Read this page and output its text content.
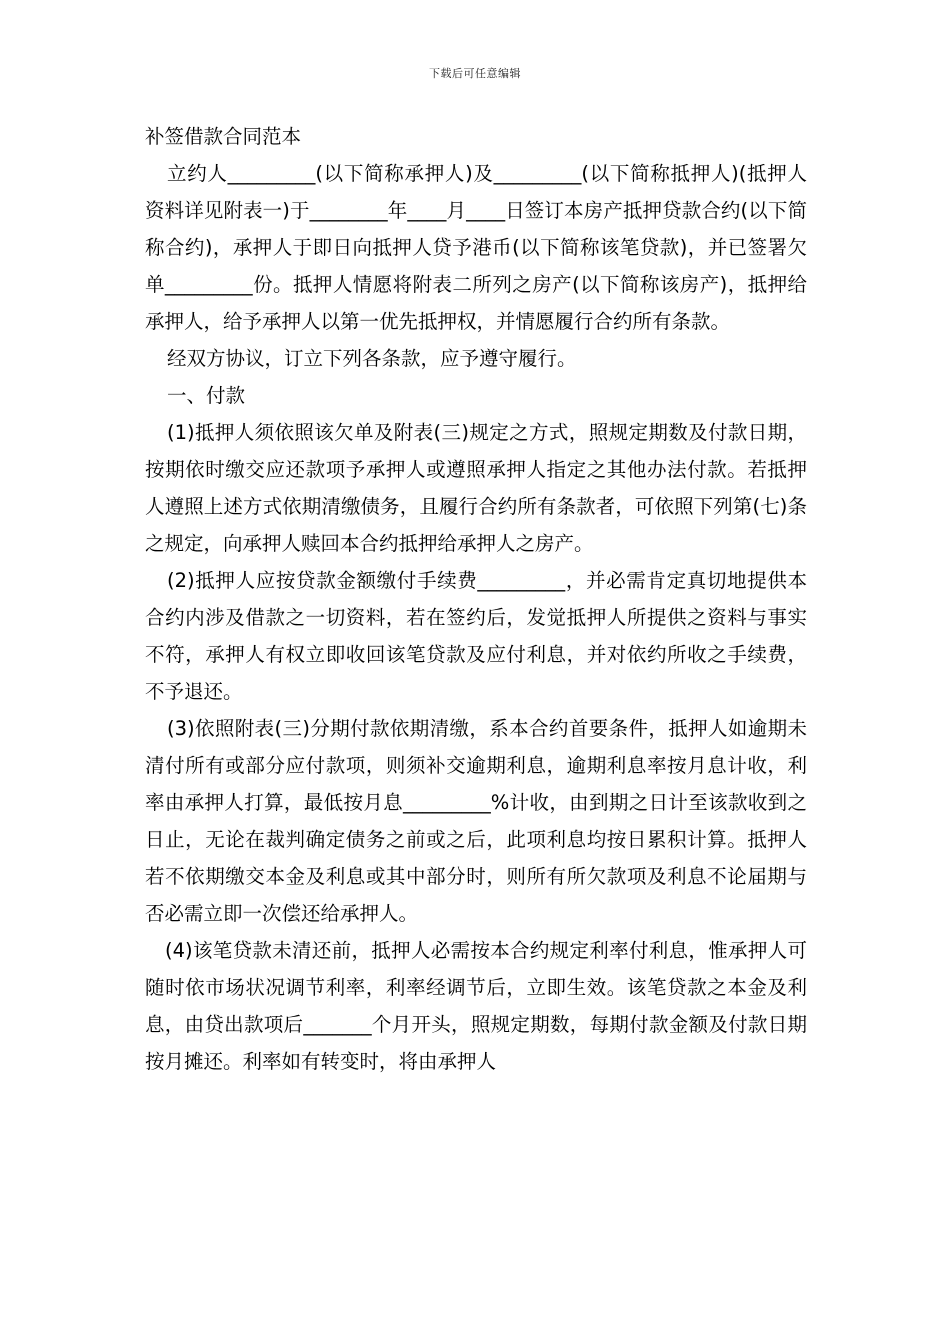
下载后可任意编辑
补签借款合同范本

立约人_________(以下简称承押人)及_________(以下简称抵押人)(抵押人资料详见附表一)于________年____月____日签订本房产抵押贷款合约(以下简称合约)，承押人于即日向抵押人贷予港币(以下简称该笔贷款)，并已签署欠单_________份。抵押人情愿将附表二所列之房产(以下简称该房产)，抵押给承押人，给予承押人以第一优先抵押权，并情愿履行合约所有条款。

经双方协议，订立下列各条款，应予遵守履行。

一、付款

(1)抵押人须依照该欠单及附表(三)规定之方式，照规定期数及付款日期，按期依时缴交应还款项予承押人或遵照承押人指定之其他办法付款。若抵押人遵照上述方式依期清缴债务，且履行合约所有条款者，可依照下列第(七)条之规定，向承押人赎回本合约抵押给承押人之房产。

(2)抵押人应按贷款金额缴付手续费_________，并必需肯定真切地提供本合约内涉及借款之一切资料，若在签约后，发觉抵押人所提供之资料与事实不符，承押人有权立即收回该笔贷款及应付利息，并对依约所收之手续费，不予退还。

(3)依照附表(三)分期付款依期清缴，系本合约首要条件，抵押人如逾期未清付所有或部分应付款项，则须补交逾期利息，逾期利息率按月息计收，利率由承押人打算，最低按月息_________%计收，由到期之日计至该款收到之日止，无论在裁判确定债务之前或之后，此项利息均按日累积计算。抵押人若不依期缴交本金及利息或其中部分时，则所有所欠款项及利息不论届期与否必需立即一次偿还给承押人。

(4)该笔贷款未清还前，抵押人必需按本合约规定利率付利息，惟承押人可随时依市场状况调节利率，利率经调节后，立即生效。该笔贷款之本金及利息，由贷出款项后_______个月开头，照规定期数，每期付款金额及付款日期按月摊还。利率如有转变时，将由承押人
